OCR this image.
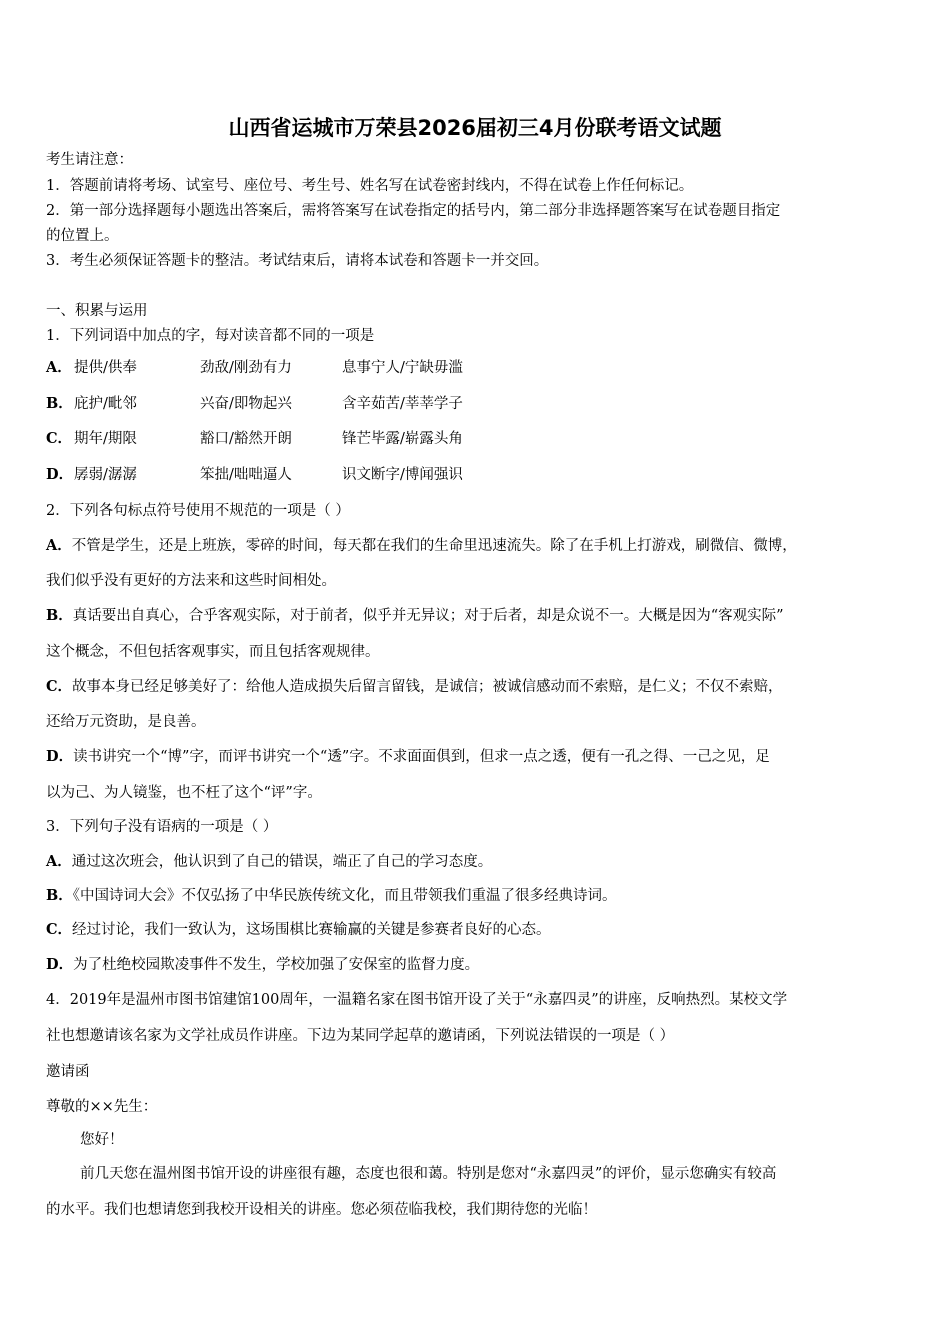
山西省运城市万荣县2026届初三4月份联考语文试题
考生请注意：
1．答题前请将考场、试室号、座位号、考生号、姓名写在试卷密封线内，不得在试卷上作任何标记。
2．第一部分选择题每小题选出答案后，需将答案写在试卷指定的括号内，第二部分非选择题答案写在试卷题目指定
的位置上。
3．考生必须保证答题卡的整洁。考试结束后，请将本试卷和答题卡一并交回。
一、积累与运用
1．下列词语中加点的字，每对读音都不同的一项是
A． 提供/供奉	劲敌/刚劲有力	息事宁人/宁缺毋滥
B． 庇护/毗邻	兴奋/即物起兴	含辛茹苦/莘莘学子
C． 期年/期限	豁口/豁然开朗	锋芒毕露/崭露头角
D． 孱弱/潺潺	笨拙/咄咄逼人	识文断字/博闻强识
2．下列各句标点符号使用不规范的一项是（ ）
A．不管是学生，还是上班族，零碎的时间，每天都在我们的生命里迅速流失。除了在手机上打游戏，刷微信、微博，
我们似乎没有更好的方法来和这些时间相处。
B．真话要出自真心，合乎客观实际，对于前者，似乎并无异议；对于后者，却是众说不一。大概是因为“客观实际”
这个概念，不但包括客观事实，而且包括客观规律。
C．故事本身已经足够美好了：给他人造成损失后留言留钱，是诚信；被诚信感动而不索赔，是仁义；不仅不索赔，
还给万元资助，是良善。
D．读书讲究一个“博”字，而评书讲究一个“透”字。不求面面俱到，但求一点之透，便有一孔之得、一己之见，足
以为己、为人镜鉴，也不枉了这个“评”字。
3．下列句子没有语病的一项是（ ）
A．通过这次班会，他认识到了自己的错误，端正了自己的学习态度。
B．《中国诗词大会》不仅弘扬了中华民族传统文化，而且带领我们重温了很多经典诗词。
C．经过讨论，我们一致认为，这场围棋比赛输赢的关键是参赛者良好的心态。
D．为了杜绝校园欺凌事件不发生，学校加强了安保室的监督力度。
4．2019年是温州市图书馆建馆100周年，一温籍名家在图书馆开设了关于“永嘉四灵”的讲座，反响热烈。某校文学
社也想邀请该名家为文学社成员作讲座。下边为某同学起草的邀请函，下列说法错误的一项是（ ）
邀请函
尊敬的××先生：
您好！
前几天您在温州图书馆开设的讲座很有趣，态度也很和蔼。特别是您对“永嘉四灵”的评价，显示您确实有较高
的水平。我们也想请您到我校开设相关的讲座。您必须莅临我校，我们期待您的光临！
